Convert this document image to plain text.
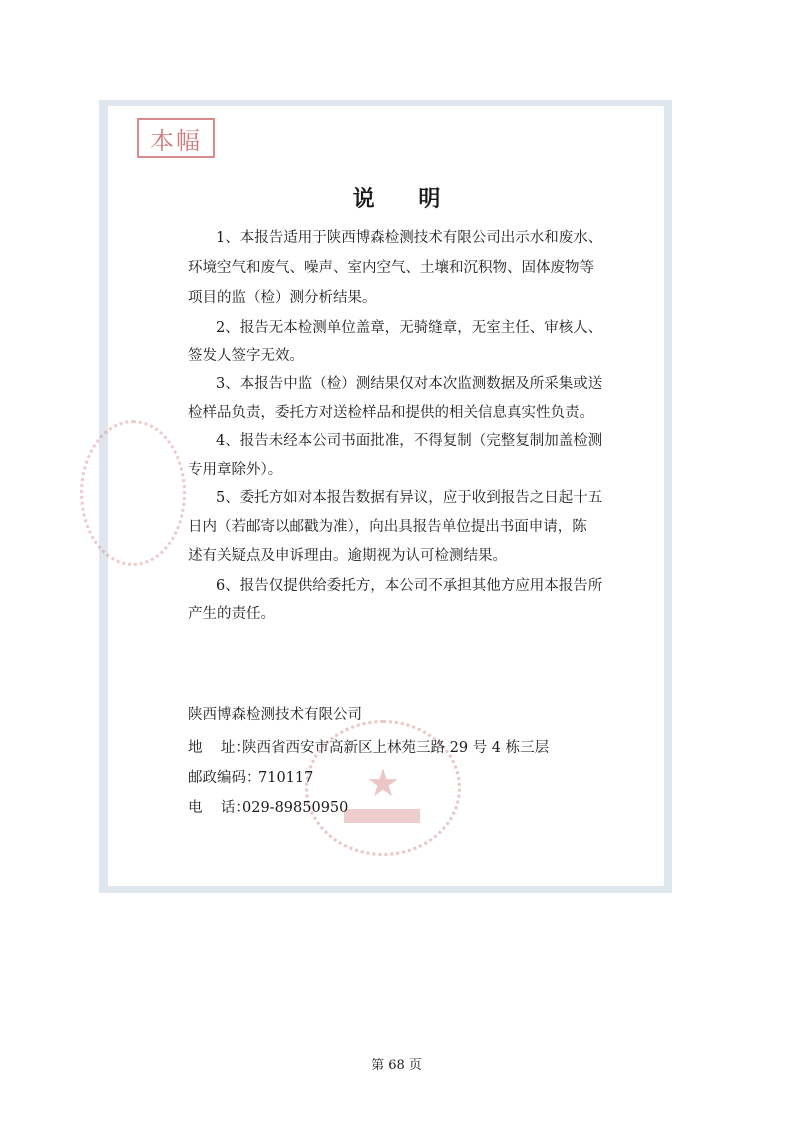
本幅
★
说 明
1、本报告适用于陕西博森检测技术有限公司出示水和废水、
环境空气和废气、噪声、室内空气、土壤和沉积物、固体废物等
项目的监（检）测分析结果。
2、报告无本检测单位盖章，无骑缝章，无室主任、审核人、
签发人签字无效。
3、本报告中监（检）测结果仅对本次监测数据及所采集或送
检样品负责，委托方对送检样品和提供的相关信息真实性负责。
4、报告未经本公司书面批准，不得复制（完整复制加盖检测
专用章除外）。
5、委托方如对本报告数据有异议，应于收到报告之日起十五
日内（若邮寄以邮戳为准），向出具报告单位提出书面申请，陈
述有关疑点及申诉理由。逾期视为认可检测结果。
6、报告仅提供给委托方，本公司不承担其他方应用本报告所
产生的责任。
陕西博森检测技术有限公司
地    址：陕西省西安市高新区上林苑三路 29 号 4 栋三层
邮政编码：710117
电    话：029-89850950
第 68 页
